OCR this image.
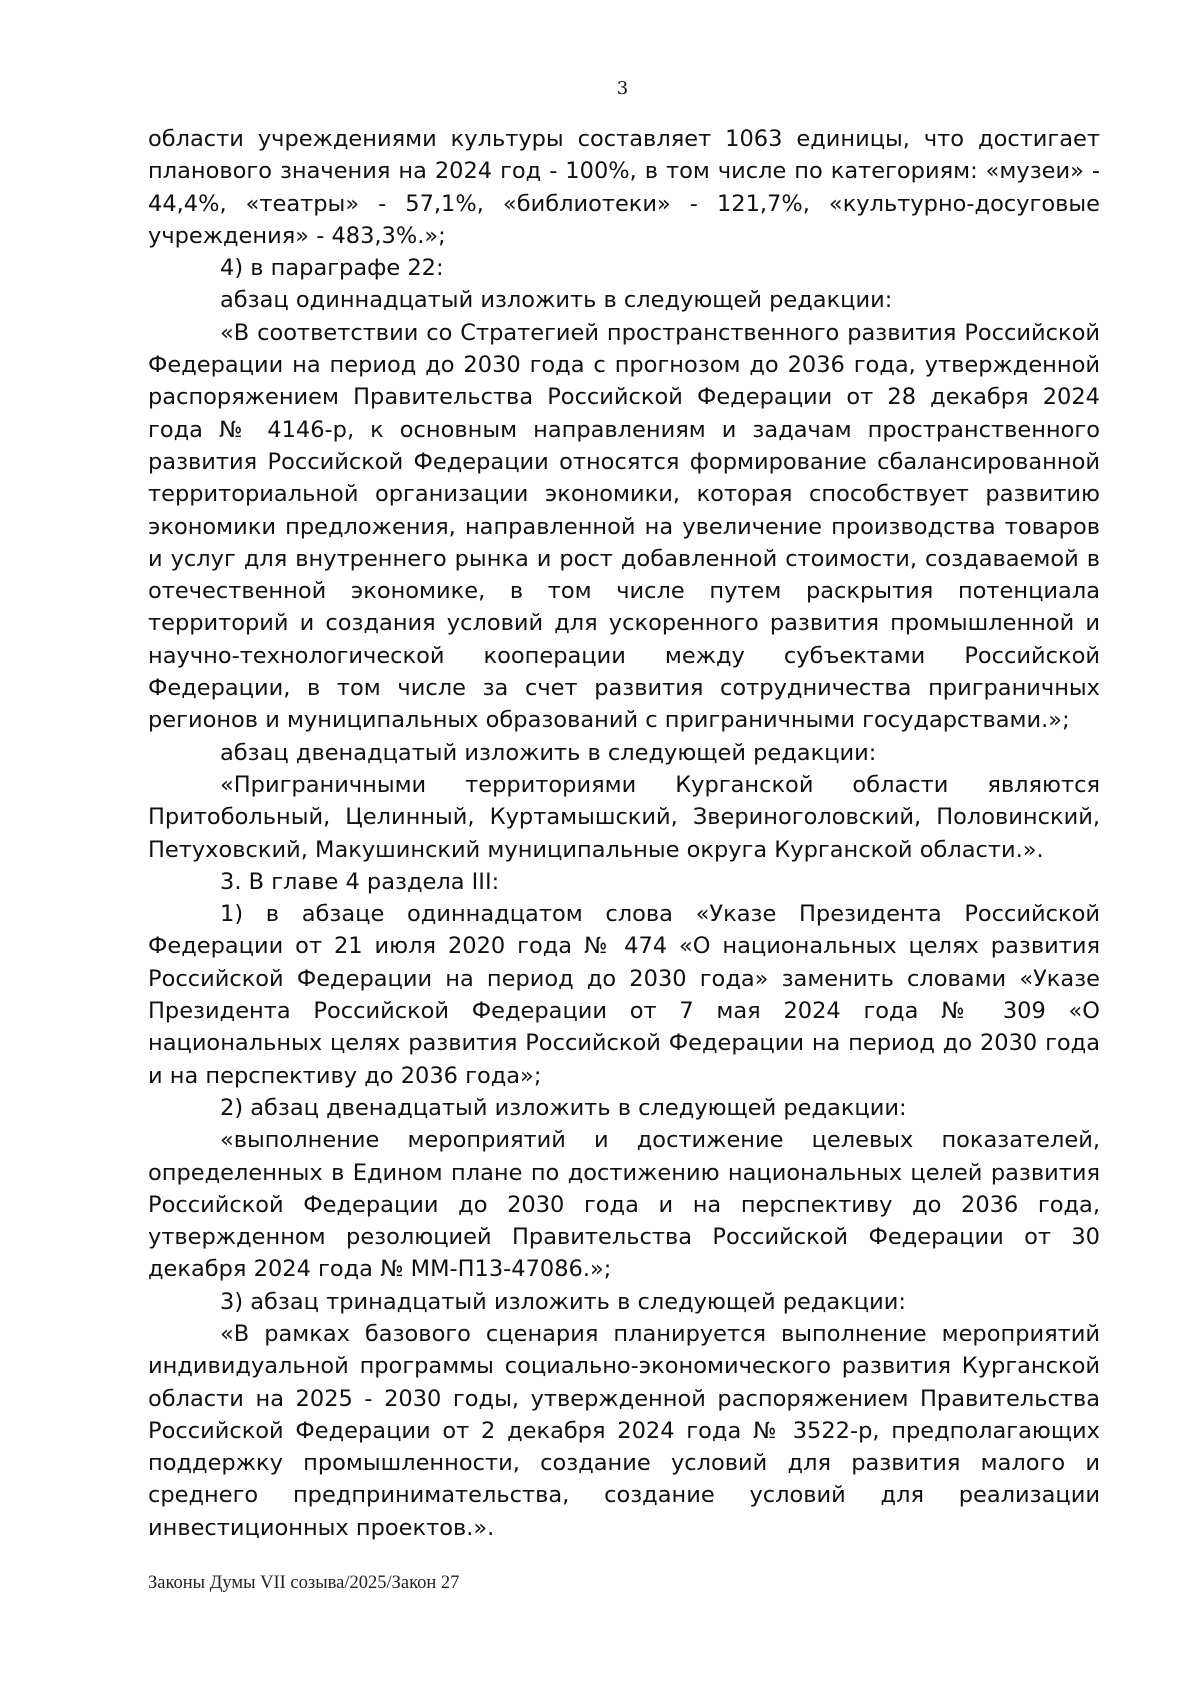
3

области учреждениями культуры составляет 1063 единицы, что достигает планового значения на 2024 год - 100%, в том числе по категориям: «музеи» - 44,4%, «театры» - 57,1%, «библиотеки» - 121,7%, «культурно-досуговые учреждения» - 483,3%.»;

4) в параграфе 22:

абзац одиннадцатый изложить в следующей редакции:

«В соответствии со Стратегией пространственного развития Российской Федерации на период до 2030 года с прогнозом до 2036 года, утвержденной распоряжением Правительства Российской Федерации от 28 декабря 2024 года № 4146-р, к основным направлениям и задачам пространственного развития Российской Федерации относятся формирование сбалансированной территориальной организации экономики, которая способствует развитию экономики предложения, направленной на увеличение производства товаров и услуг для внутреннего рынка и рост добавленной стоимости, создаваемой в отечественной экономике, в том числе путем раскрытия потенциала территорий и создания условий для ускоренного развития промышленной и научно-технологической кооперации между субъектами Российской Федерации, в том числе за счет развития сотрудничества приграничных регионов и муниципальных образований с приграничными государствами.»;

абзац двенадцатый изложить в следующей редакции:

«Приграничными территориями Курганской области являются Притобольный, Целинный, Куртамышский, Звериноголовский, Половинский, Петуховский, Макушинский муниципальные округа Курганской области.».

3. В главе 4 раздела III:

1) в абзаце одиннадцатом слова «Указе Президента Российской Федерации от 21 июля 2020 года № 474 «О национальных целях развития Российской Федерации на период до 2030 года» заменить словами «Указе Президента Российской Федерации от 7 мая 2024 года № 309 «О национальных целях развития Российской Федерации на период до 2030 года и на перспективу до 2036 года»;

2) абзац двенадцатый изложить в следующей редакции:

«выполнение мероприятий и достижение целевых показателей, определенных в Едином плане по достижению национальных целей развития Российской Федерации до 2030 года и на перспективу до 2036 года, утвержденном резолюцией Правительства Российской Федерации от 30 декабря 2024 года № ММ-П13-47086.»;

3) абзац тринадцатый изложить в следующей редакции:

«В рамках базового сценария планируется выполнение мероприятий индивидуальной программы социально-экономического развития Курганской области на 2025 - 2030 годы, утвержденной распоряжением Правительства Российской Федерации от 2 декабря 2024 года № 3522-р, предполагающих поддержку промышленности, создание условий для развития малого и среднего предпринимательства, создание условий для реализации инвестиционных проектов.».

Законы Думы VII созыва/2025/Закон 27
